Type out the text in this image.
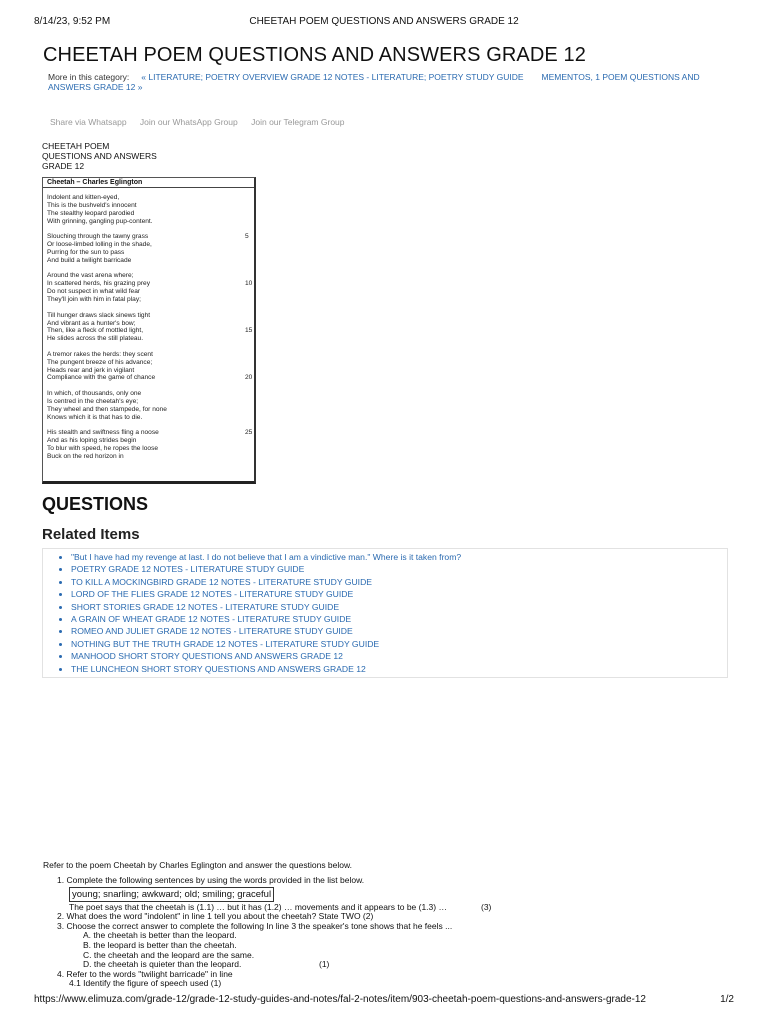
8/14/23, 9:52 PM	CHEETAH POEM QUESTIONS AND ANSWERS GRADE 12
CHEETAH POEM QUESTIONS AND ANSWERS GRADE 12
More in this category: « LITERATURE; POETRY OVERVIEW GRADE 12 NOTES - LITERATURE; POETRY STUDY GUIDE MEMENTOS, 1 POEM QUESTIONS AND ANSWERS GRADE 12 »
Share via Whatsapp Join our WhatsApp Group Join our Telegram Group
CHEETAH POEM
QUESTIONS AND ANSWERS
GRADE 12
Cheetah – Charles Eglington
Indolent and kitten-eyed,
This is the bushveld's innocent
The stealthy leopard parodied
With grinning, gangling pup-content.
Slouching through the tawny grass	5
Or loose-limbed lolling in the shade,
Purring for the sun to pass
And build a twilight barricade
Around the vast arena where;
In scattered herds, his grazing prey	10
Do not suspect in what wild fear
They'll join with him in fatal play;
Till hunger draws slack sinews tight
And vibrant as a hunter's bow;
Then, like a fleck of mottled light,	15
He slides across the still plateau.
A tremor rakes the herds: they scent
The pungent breeze of his advance;
Heads rear and jerk in vigilant
Compliance with the game of chance	20
In which, of thousands, only one
Is centred in the cheetah's eye;
They wheel and then stampede, for none
Knows which it is that has to die.
His stealth and swiftness fling a noose	25
And as his loping strides begin
To blur with speed, he ropes the loose
Buck on the red horizon in
QUESTIONS
Related Items
• "But I have had my revenge at last. I do not believe that I am a vindictive man." Where is it taken from?
• POETRY GRADE 12 NOTES - LITERATURE STUDY GUIDE
• TO KILL A MOCKINGBIRD GRADE 12 NOTES - LITERATURE STUDY GUIDE
• LORD OF THE FLIES GRADE 12 NOTES - LITERATURE STUDY GUIDE
• SHORT STORIES GRADE 12 NOTES - LITERATURE STUDY GUIDE
• A GRAIN OF WHEAT GRADE 12 NOTES - LITERATURE STUDY GUIDE
• ROMEO AND JULIET GRADE 12 NOTES - LITERATURE STUDY GUIDE
• NOTHING BUT THE TRUTH GRADE 12 NOTES - LITERATURE STUDY GUIDE
• MANHOOD SHORT STORY QUESTIONS AND ANSWERS GRADE 12
• THE LUNCHEON SHORT STORY QUESTIONS AND ANSWERS GRADE 12
Refer to the poem Cheetah by Charles Eglington and answer the questions below.
1. Complete the following sentences by using the words provided in the list below.
young; snarling; awkward; old; smiling; graceful
The poet says that the cheetah is (1.1) … but it has (1.2) … movements and it appears to be (1.3) …	(3)
2. What does the word "indolent" in line 1 tell you about the cheetah? State TWO (2)
3. Choose the correct answer to complete the following In line 3 the speaker's tone shows that he feels ...
A. the cheetah is better than the leopard.
B. the leopard is better than the cheetah.
C. the cheetah and the leopard are the same.
D. the cheetah is quieter than the leopard.	(1)
4. Refer to the words "twilight barricade" in line
4.1 Identify the figure of speech used (1)
https://www.elimuza.com/grade-12/grade-12-study-guides-and-notes/fal-2-notes/item/903-cheetah-poem-questions-and-answers-grade-12	1/2
